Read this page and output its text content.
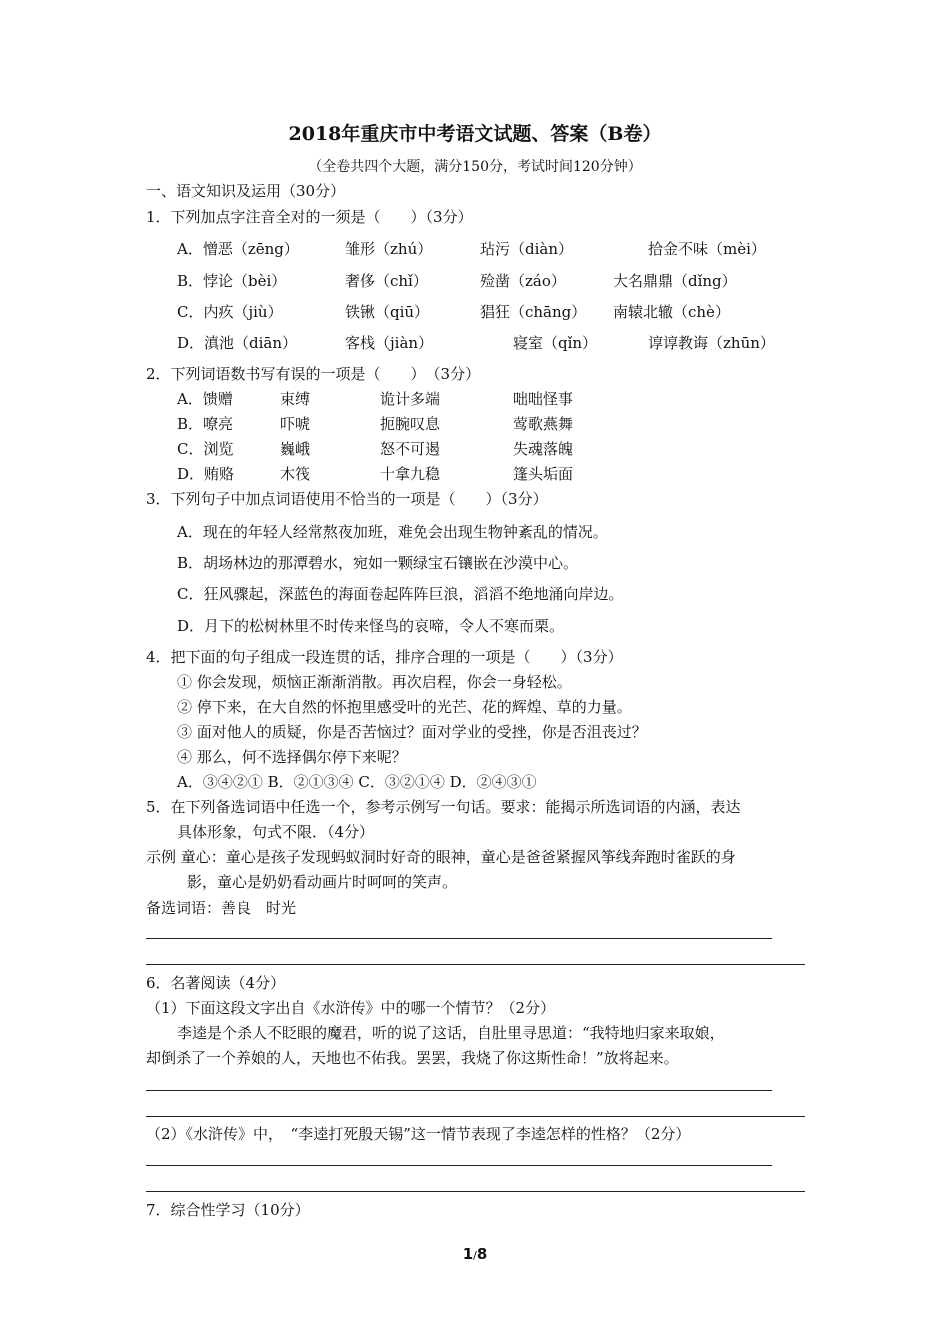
2018年重庆市中考语文试题、答案（B卷）
（全卷共四个大题，满分150分，考试时间120分钟）
一、语文知识及运用（30分）
1．下列加点字注音全对的一须是（　　）（3分）
A．憎恶（zēng）	雏形（zhú）	玷污（diàn）	拾金不味（mèi）
B．悖论（bèi）	奢侈（chǐ）	殓凿（záo）	大名鼎鼎（dǐng）
C．内疚（jiù）	铁锹（qiū）	猖狂（chāng） 南辕北辙（chè）
D．滇池（diān）	客栈（jiàn）	寝室（qǐn）	谆谆教诲（zhūn）
2．下列词语数书写有误的一项是（　　）　（3分）
A．馈赠	束缚	诡计多端	咄咄怪事
B．嘹亮	吓唬	扼腕叹息	莺歌燕舞
C．浏览	巍峨	怒不可遏	失魂落魄
D．贿赂	木筏	十拿九稳	篷头垢面
3．下列句子中加点词语使用不恰当的一项是（　　）（3分）
A．现在的年轻人经常熬夜加班，难免会出现生物钟紊乱的情况。
B．胡场林边的那潭碧水，宛如一颗绿宝石镶嵌在沙漠中心。
C．狂风骤起，深蓝色的海面卷起阵阵巨浪，滔滔不绝地涌向岸边。
D．月下的松树林里不时传来怪鸟的哀啼，令人不寒而栗。
4．把下面的句子组成一段连贯的话，排序合理的一项是（　　）（3分）
① 你会发现，烦恼正渐渐消散。再次启程，你会一身轻松。
② 停下来，在大自然的怀抱里感受叶的光芒、花的辉煌、草的力量。
③ 面对他人的质疑，你是否苦恼过？面对学业的受挫，你是否沮丧过？
④ 那么，何不选择偶尔停下来呢？
A．③④②① B．②①③④ C．③②①④ D．②④③①
5．在下列备选词语中任选一个，参考示例写一句话。要求：能揭示所选词语的内涵，表达
具体形象，句式不限．（4分）
示例 童心：童心是孩子发现蚂蚁洞时好奇的眼神，童心是爸爸紧握风筝线奔跑时雀跃的身
影，童心是奶奶看动画片时呵呵的笑声。
备选词语：善良　时光
6．名著阅读（4分）
（1）下面这段文字出自《水浒传》中的哪一个情节？（2分）
李逵是个杀人不眨眼的魔君，听的说了这话，自肚里寻思道：“我特地归家来取娘，
却倒杀了一个养娘的人，天地也不佑我。罢罢，我烧了你这斯性命！”放将起来。
（2）《水浒传》中，　“李逵打死殷天锡”这一情节表现了李逵怎样的性格？（2分）
7．综合性学习（10分）
1/8
